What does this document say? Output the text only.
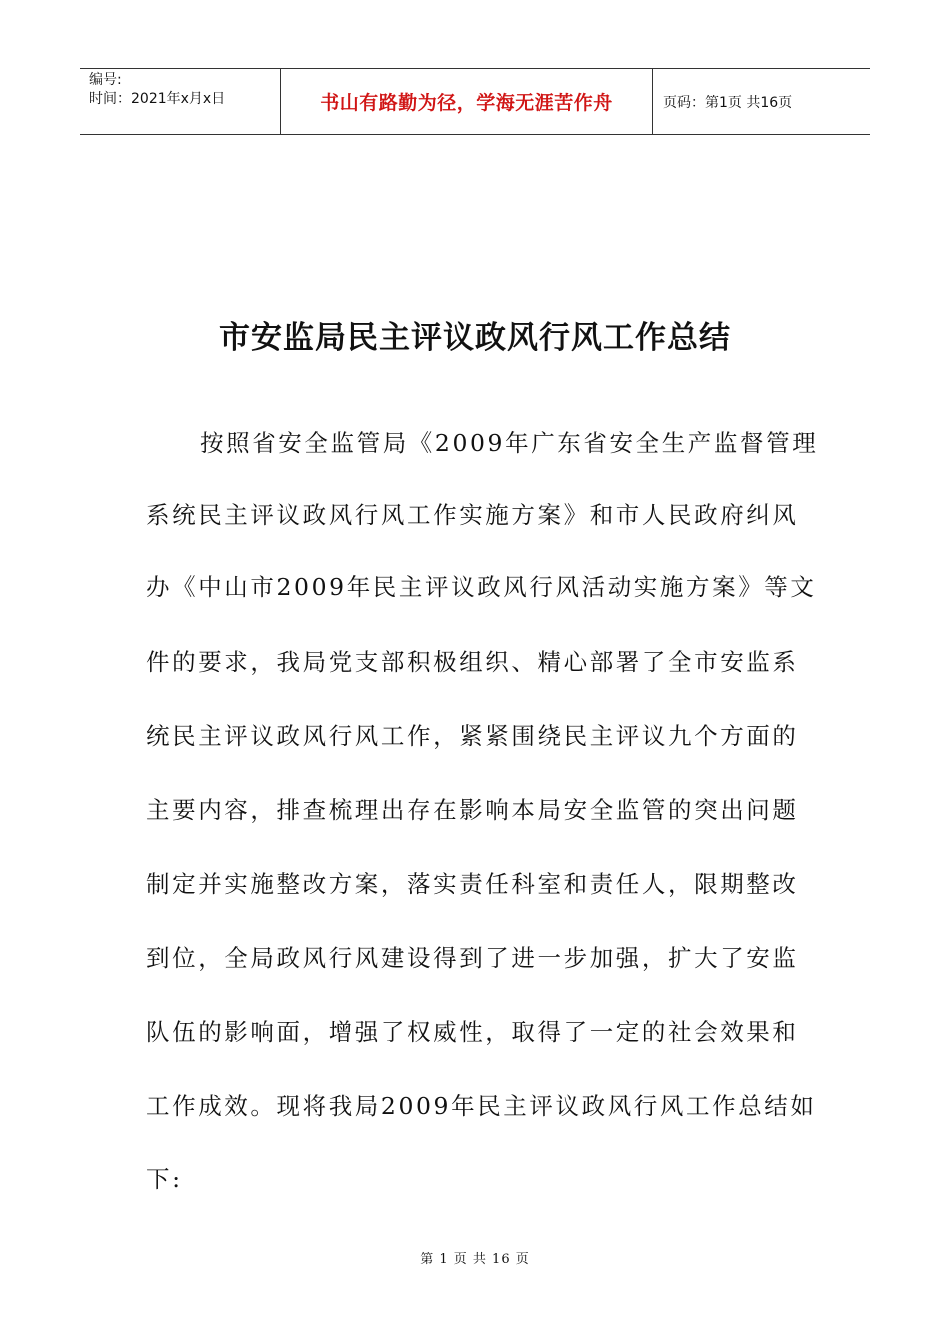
编号:
时间：2021年x月x日	书山有路勤为径，学海无涯苦作舟	页码：第1页 共16页
市安监局民主评议政风行风工作总结
按照省安全监管局《2009年广东省安全生产监督管理
系统民主评议政风行风工作实施方案》和市人民政府纠风
办《中山市2009年民主评议政风行风活动实施方案》等文
件的要求，我局党支部积极组织、精心部署了全市安监系
统民主评议政风行风工作，紧紧围绕民主评议九个方面的
主要内容，排查梳理出存在影响本局安全监管的突出问题
制定并实施整改方案，落实责任科室和责任人，限期整改
到位，全局政风行风建设得到了进一步加强，扩大了安监
队伍的影响面，增强了权威性，取得了一定的社会效果和
工作成效。现将我局2009年民主评议政风行风工作总结如
下:
第 1 页 共 16 页
